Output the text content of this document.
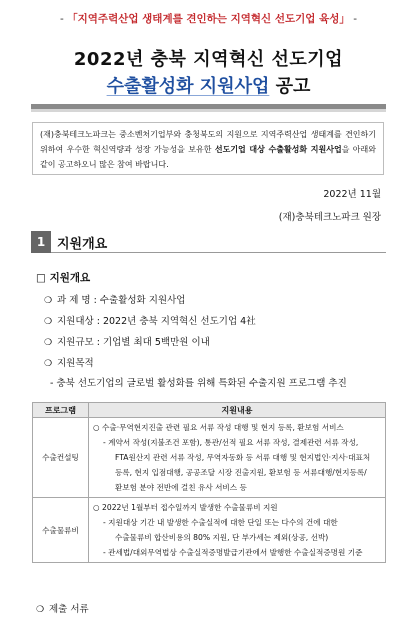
- 「지역주력산업 생태계를 견인하는 지역혁신 선도기업 육성」 -
2022년 충북 지역혁신 선도기업
수출활성화 지원사업 공고
(재)충북테크노파크는 중소벤처기업부와 충청북도의 지원으로 지역주력산업 생태계를 견인하기 위하여 우수한 혁신역량과 성장 가능성을 보유한 선도기업 대상 수출활성화 지원사업을 아래와 같이 공고하오니 많은 참여 바랍니다.
2022년 11월
(재)충북테크노파크 원장
1 지원개요
□ 지원개요
❍ 과 제 명 : 수출활성화 지원사업
❍ 지원대상 : 2022년 충북 지역혁신 선도기업 4社
❍ 지원규모 : 기업별 최대 5백만원 이내
❍ 지원목적
- 충북 선도기업의 글로벌 활성화를 위해 특화된 수출지원 프로그램 추진
프로그램	지원내용
수출컨설팅	○ 수출‧무역현지진출 관련 필요 서류 작성 대행 및 현지 등록, 환보험 서비스
- 계약서 작성(지불조건 포함), 통관/선적 필요 서류 작성, 결제관련 서류 작성,
FTA원산지 관련 서류 작성, 무역자동화 등 서류 대행 및 현지법인·지사·대표처
등록, 현지 입점대행, 공공조달 시장 진출지원, 환보험 등 서류대행/현지등록/
환보험 분야 전반에 걸친 유사 서비스 등

수출물류비	○ 2022년 1월부터 접수일까지 발생한 수출물류비 지원
- 지원대상 기간 내 발생한 수출실적에 대한 단일 또는 다수의 건에 대한
수출물류비 합산비용의 80% 지원, 단 부가세는 제외(상공, 선박)
- 관세법/대외무역법상 수출실적증명발급기관에서 발행한 수출실적증명원 기준
❍ 제출 서류
